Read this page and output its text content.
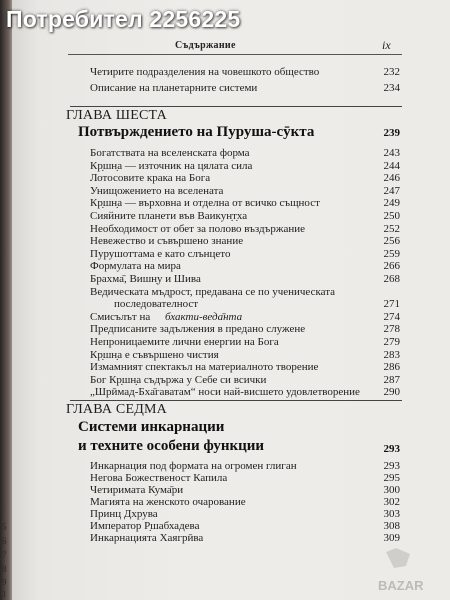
5
6
7
8
9
1
Съдържание	ix
Четирите подразделения на човешкото общество	232
Описание на планетарните системи	234
ГЛАВА ШЕСТА
Потвърждението на Пуруша-сӯкта	239
Богатствата на вселенската форма	243
Кр̣шн̣а — източник на цялата сила	244
Лотосовите крака на Бога	246
Унищожението на вселената	247
Кр̣шн̣а — върховна и отделна от всичко същност	249
Сияйните планети във Ваикун̣т̣ха	250
Необходимост от обет за полово въздържание	252
Невежество и съвършено знание	256
Пурушоттама е като слънцето	259
Формулата на мира	266
Брахма̄, Вишн̣у и Шива	268
Ведическата мъдрост, предавана се по ученическата
последователност	271
Смисълът на бхакти-веда̄нта	274
Предписаните задължения в предано служене	278
Непроницаемите лични енергии на Бога	279
Кр̣шн̣а е съвършено чистия	283
Измамният спектакъл на материалното творение	286
Бог Кр̣шн̣а съдържа у Себе си всички	287
„Шрӣмад-Бха̄гаватам“ носи най-висшето удовлетворение 290
ГЛАВА СЕДМА
Системи инкарнации
и техните особени функции	293
Инкарнация под формата на огромен глиган	293
Негова Божественост Капила	295
Четиримата Кума̄ри	300
Магията на женското очарование	302
Принц Дхрува	303
Император Р̣шабхадева	308
Инкарнацията Хаягрӣва	309
Потребител 2256225
BAZAR
